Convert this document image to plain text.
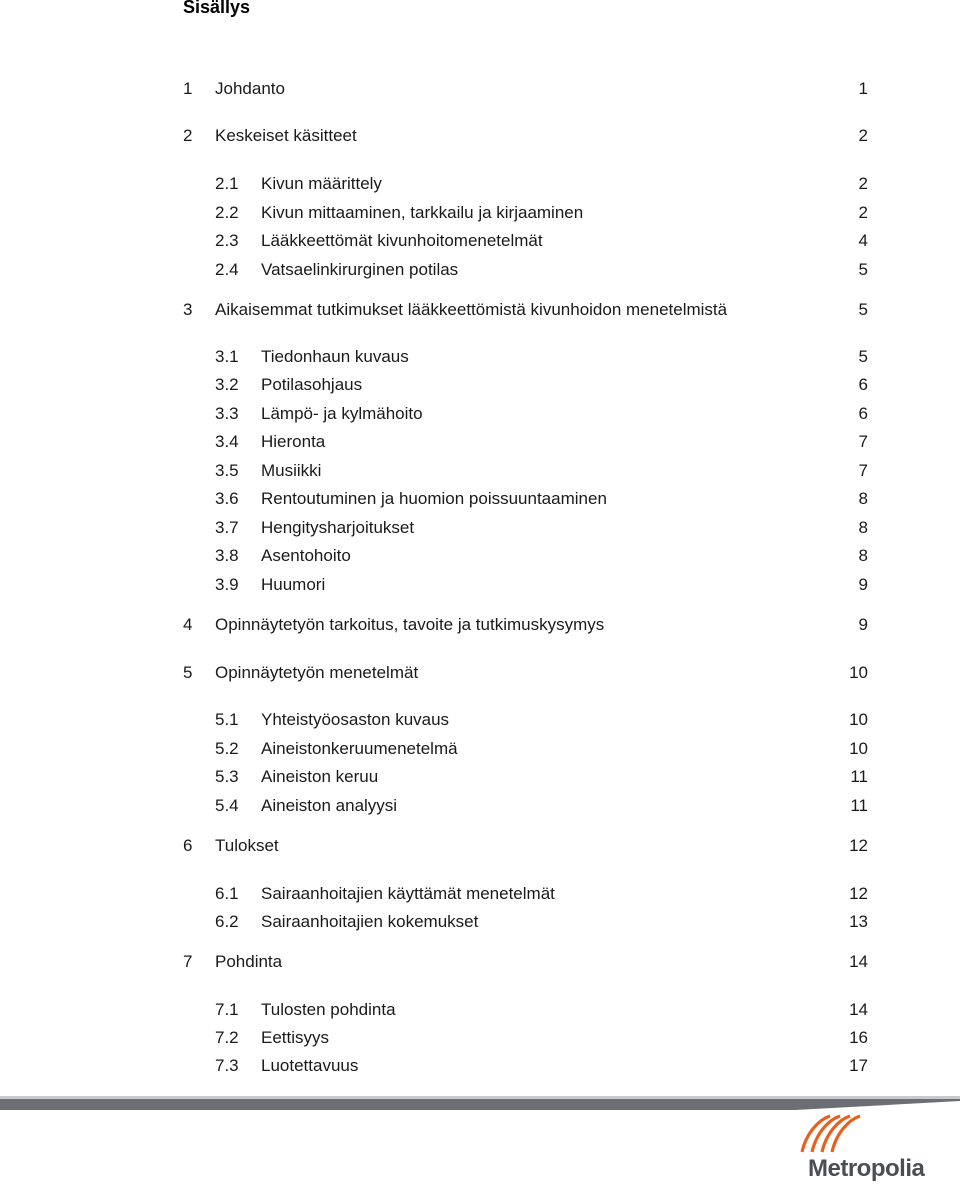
Sisällys
1 Johdanto	1
2 Keskeiset käsitteet	2
2.1 Kivun määrittely	2
2.2 Kivun mittaaminen, tarkkailu ja kirjaaminen	2
2.3 Lääkkeettömät kivunhoitomenetelmät	4
2.4 Vatsaelinkirurginen potilas	5
3 Aikaisemmat tutkimukset lääkkeettömistä kivunhoidon menetelmistä	5
3.1 Tiedonhaun kuvaus	5
3.2 Potilasohjaus	6
3.3 Lämpö- ja kylmähoito	6
3.4 Hieronta	7
3.5 Musiikki	7
3.6 Rentoutuminen ja huomion poissuuntaaminen	8
3.7 Hengitysharjoitukset	8
3.8 Asentohoito	8
3.9 Huumori	9
4 Opinnäytetyön tarkoitus, tavoite ja tutkimuskysymys	9
5 Opinnäytetyön menetelmät	10
5.1 Yhteistyöosaston kuvaus	10
5.2 Aineistonkeruumenetelmä	10
5.3 Aineiston keruu	11
5.4 Aineiston analyysi	11
6 Tulokset	12
6.1 Sairaanhoitajien käyttämät menetelmät	12
6.2 Sairaanhoitajien kokemukset	13
7 Pohdinta	14
7.1 Tulosten pohdinta	14
7.2 Eettisyys	16
7.3 Luotettavuus	17
Metropolia
